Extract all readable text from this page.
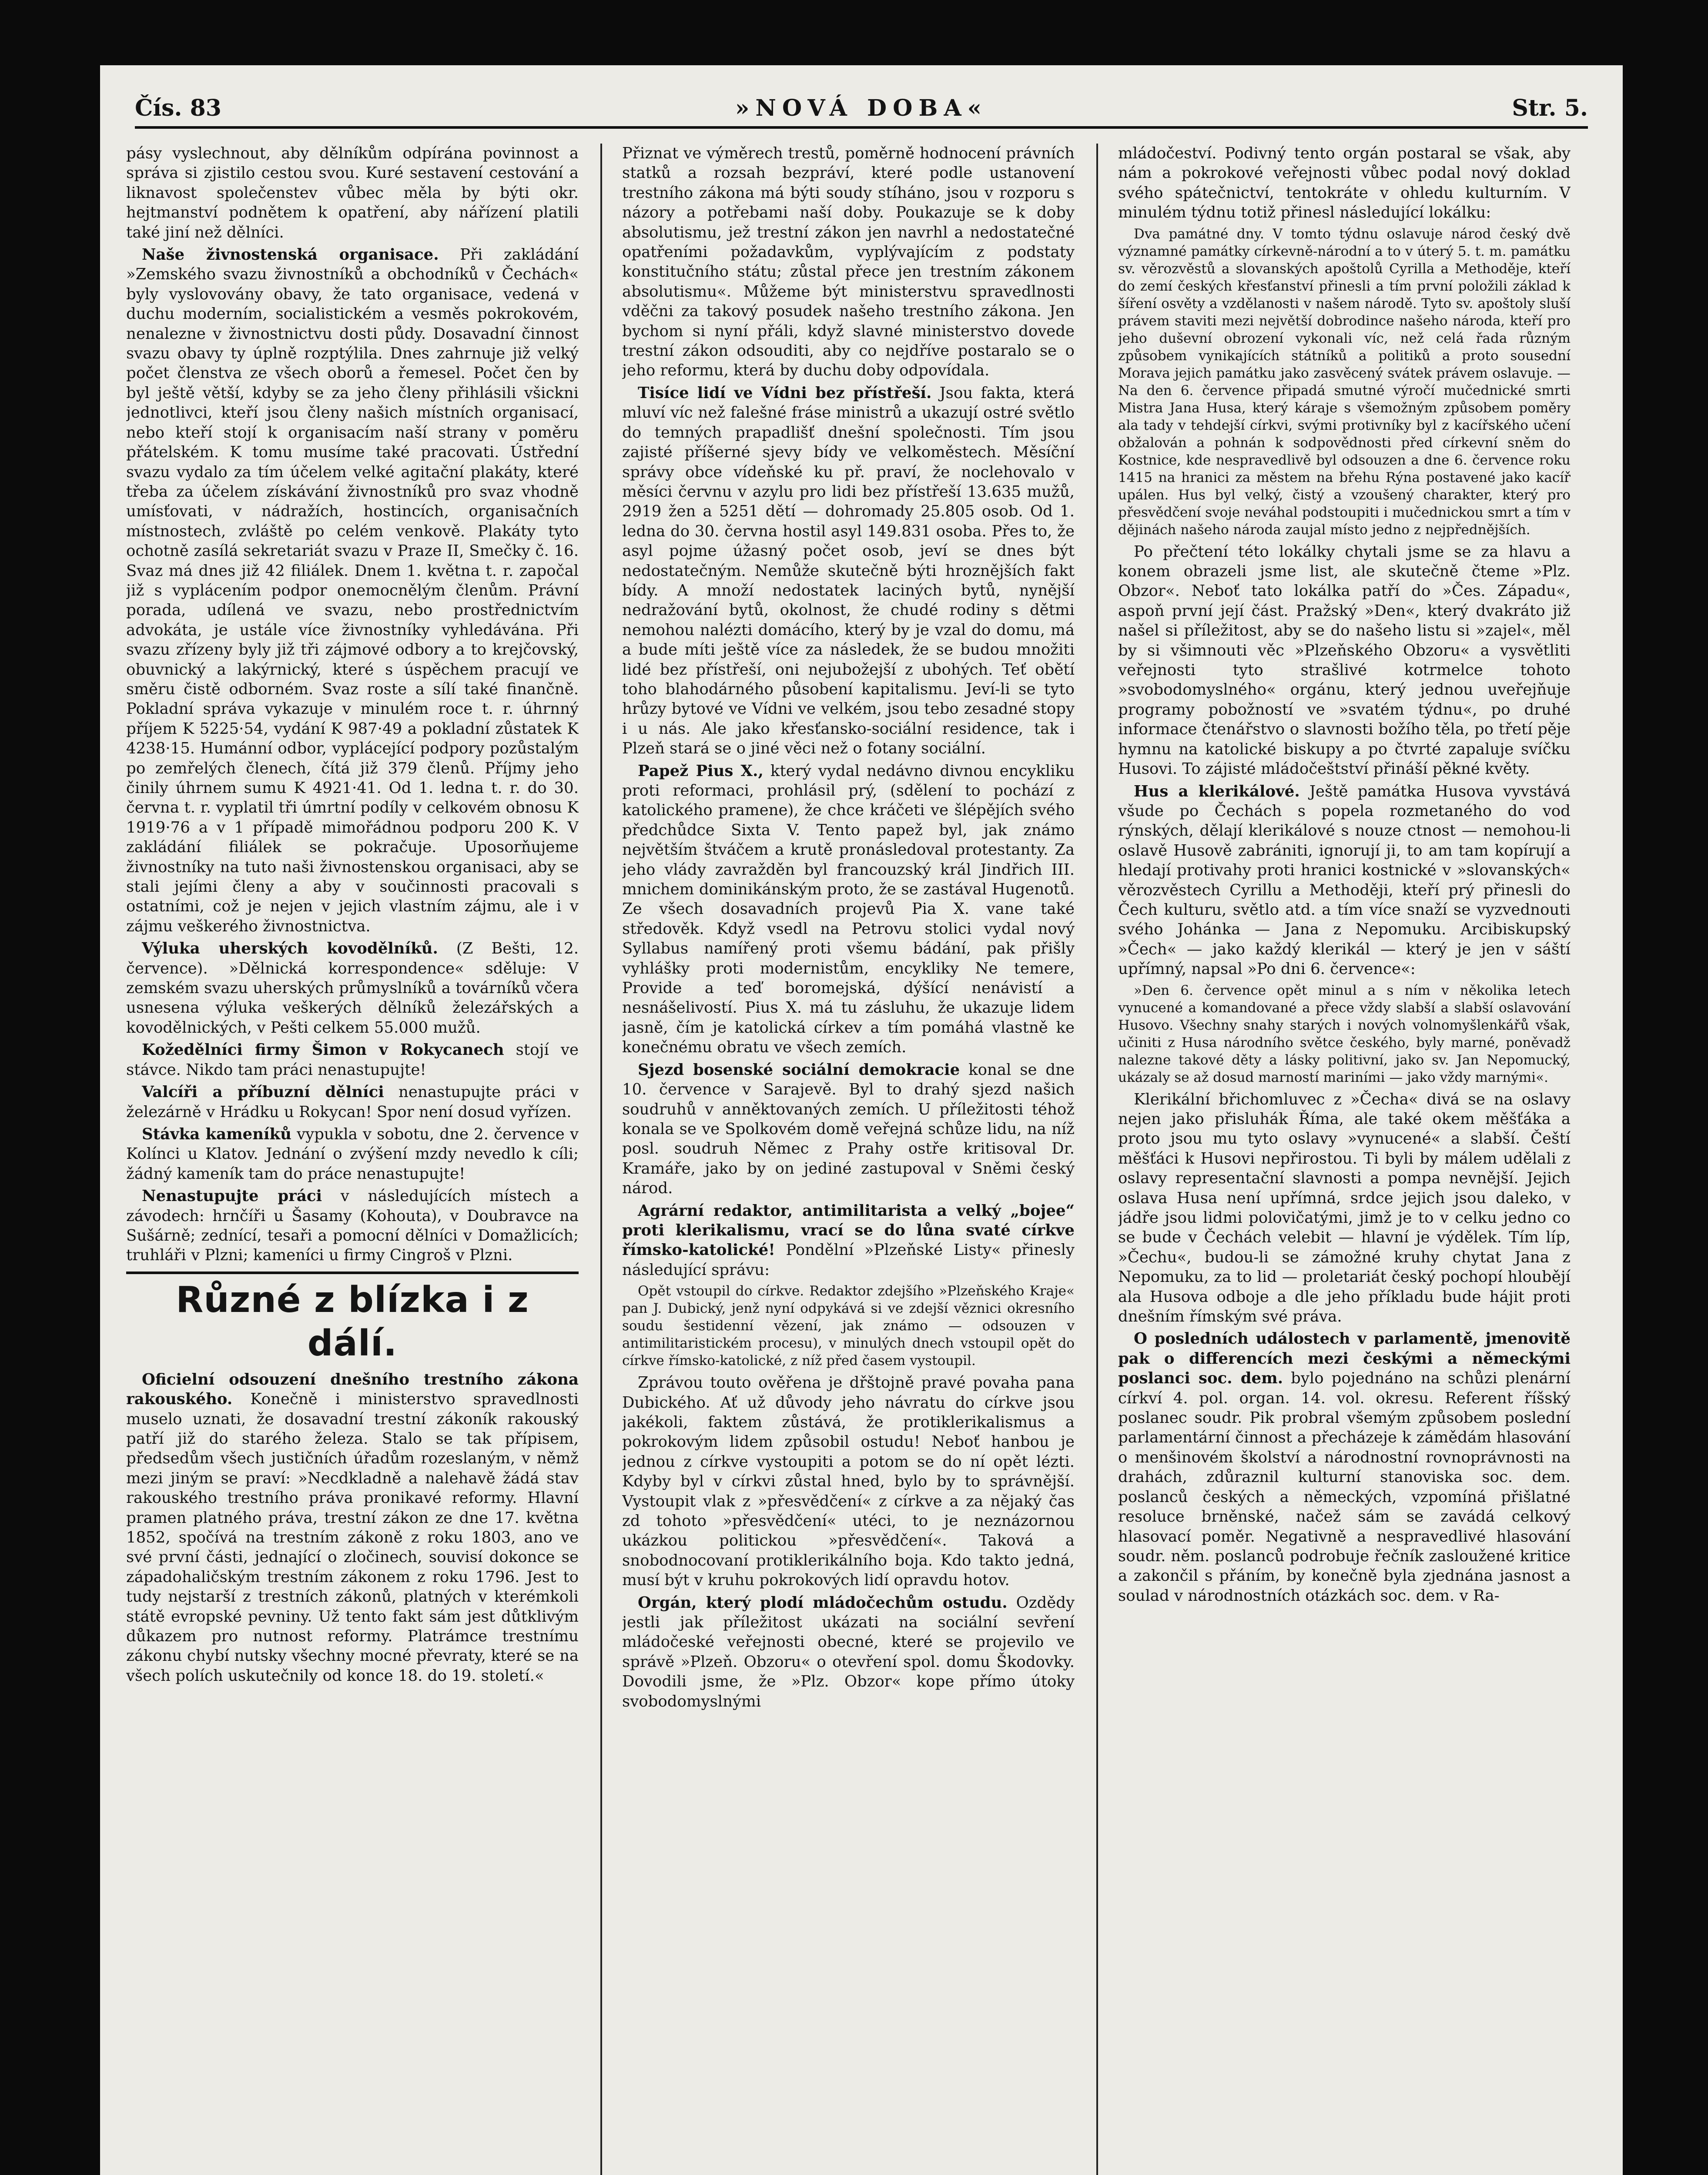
Čís. 83	»NOVÁ DOBA«	Str. 5.

pásy vyslechnout, aby dělníkům odpírána povinnost a správa si zjistilo cestou svou. Kuré sestavení cestování a liknavost společenstev vůbec měla by býti okr. hejtmanství podnětem k opatření, aby nářízení platili také jiní než dělníci.

Naše živnostenská organisace. Při zakládání »Zemského svazu živnostníků a obchodníků v Čechách« byly vyslovovány obavy, že tato organisace, vedená v duchu moderním, socialistickém a vesměs pokrokovém, nenalezne v živnostnictvu dosti půdy. Dosavadní činnost svazu obavy ty úplně rozptýlila. Dnes zahrnuje již velký počet členstva ze všech oborů a řemesel. Počet čen by byl ještě větší, kdyby se za jeho členy přihlásili všickni jednotlivci, kteří jsou členy našich místních organisací, nebo kteří stojí k organisacím naší strany v poměru přátelském. K tomu musíme také pracovati. Ústřední svazu vydalo za tím účelem velké agitační plakáty, které třeba za účelem získávání živnostníků pro svaz vhodně umísťovati, v nádražích, hostincích, organisačních místnostech, zvláště po celém venkově. Plakáty tyto ochotně zasílá sekretariát svazu v Praze II, Smečky č. 16. Svaz má dnes již 42 filiálek. Dnem 1. května t. r. započal již s vyplácením podpor onemocnělým členům. Právní porada, udílená ve svazu, nebo prostřednictvím advokáta, je ustále více živnostníky vyhledávána. Při svazu zřízeny byly již tři zájmové odbory a to krejčovský, obuvnický a lakýrnický, které s úspěchem pracují ve směru čistě odborném. Svaz roste a sílí také finančně. Pokladní správa vykazuje v minulém roce t. r. úhrnný příjem K 5225·54, vydání K 987·49 a pokladní zůstatek K 4238·15. Humánní odbor, vyplácející podpory pozůstalým po zemřelých členech, čítá již 379 členů. Příjmy jeho činily úhrnem sumu K 4921·41. Od 1. ledna t. r. do 30. června t. r. vyplatil tři úmrtní podíly v celkovém obnosu K 1919·76 a v 1 případě mimořádnou podporu 200 K. V zakládání filiálek se pokračuje. Uposorňujeme živnostníky na tuto naši živnostenskou organisaci, aby se stali jejími členy a aby v součinnosti pracovali s ostatními, což je nejen v jejich vlastním zájmu, ale i v zájmu veškerého živnostnictva.

Výluka uherských kovodělníků. (Z Bešti, 12. července). »Dělnická korrespondence« sděluje: V zemském svazu uherských průmyslníků a továrníků včera usnesena výluka veškerých dělníků železářských a kovodělnických, v Pešti celkem 55.000 mužů.

Kožedělníci firmy Šimon v Rokycanech stojí ve stávce. Nikdo tam práci nenastupujte!

Valcíři a příbuzní dělníci nenastupujte práci v železárně v Hrádku u Rokycan! Spor není dosud vyřízen.

Stávka kameníků vypukla v sobotu, dne 2. července v Kolínci u Klatov. Jednání o zvýšení mzdy nevedlo k cíli; žádný kameník tam do práce nenastupujte!

Nenastupujte práci v následujících místech a závodech: hrnčíři u Šasamy (Kohouta), v Doubravce na Sušárně; zednící, tesaři a pomocní dělníci v Domažlicích; truhláři v Plzni; kameníci u firmy Cingroš v Plzni.

Různé z blízka i z dálí.

Oficielní odsouzení dnešního trestního zákona rakouského. Konečně i ministerstvo spravedlnosti muselo uznati, že dosavadní trestní zákoník rakouský patří již do starého železa. Stalo se tak přípisem, předsedům všech justičních úřadům rozeslaným, v němž mezi jiným se praví: »Necdkladně a nalehavě žádá stav rakouského trestního práva pronikavé reformy. Hlavní pramen platného práva, trestní zákon ze dne 17. května 1852, spočívá na trestním zákoně z roku 1803, ano ve své první části, jednající o zločinech, souvisí dokonce se západohaličským trestním zákonem z roku 1796. Jest to tudy nejstarší z trestních zákonů, platných v kterémkoli státě evropské pevniny. Už tento fakt sám jest důtklivým důkazem pro nutnost reformy. Platrámce trestnímu zákonu chybí nutsky všechny mocné převraty, které se na všech polích uskutečnily od konce 18. do 19. století.«

Přiznat ve výměrech trestů, poměrně hodnocení právních statků a rozsah bezpráví, které podle ustanovení trestního zákona má býti soudy stíháno, jsou v rozporu s názory a potřebami naší doby. Poukazuje se k doby absolutismu, jež trestní zákon jen navrhl a nedostatečné opatřeními požadavkům, vyplývajícím z podstaty konstitučního státu; zůstal přece jen trestním zákonem absolutismu«. Můžeme být ministerstvu spravedlnosti vděčni za takový posudek našeho trestního zákona. Jen bychom si nyní přáli, když slavné ministerstvo dovede trestní zákon odsouditi, aby co nejdříve postaralo se o jeho reformu, která by duchu doby odpovídala.

Tisíce lidí ve Vídni bez přístřeší. Jsou fakta, která mluví víc než falešné fráse ministrů a ukazují ostré světlo do temných prapadlišť dnešní společnosti. Tím jsou zajisté příšerné sjevy bídy ve velkoměstech. Měsíční správy obce vídeňské ku př. praví, že noclehovalo v měsíci červnu v azylu pro lidi bez přístřeší 13.635 mužů, 2919 žen a 5251 dětí — dohromady 25.805 osob. Od 1. ledna do 30. června hostil asyl 149.831 osoba. Přes to, že asyl pojme úžasný počet osob, jeví se dnes být nedostatečným. Nemůže skutečně býti hroznějších fakt bídy. A množí nedostatek laciných bytů, nynější nedražování bytů, okolnost, že chudé rodiny s dětmi nemohou nalézti domácího, který by je vzal do domu, má a bude míti ještě více za následek, že se budou množiti lidé bez přístřeší, oni nejubožejší z ubohých. Teť obětí toho blahodárného působení kapitalismu. Jeví-li se tyto hrůzy bytové ve Vídni ve velkém, jsou tebo zesadné stopy i u nás. Ale jako křesťansko-sociální residence, tak i Plzeň stará se o jiné věci než o fotany sociální.

Papež Pius X., který vydal nedávno divnou encykliku proti reformaci, prohlásil prý, (sdělení to pochází z katolického pramene), že chce kráčeti ve šlépějích svého předchůdce Sixta V. Tento papež byl, jak známo největším štváčem a krutě pronásledoval protestanty. Za jeho vlády zavražděn byl francouzský král Jindřich III. mnichem dominikánským proto, že se zastával Hugenotů. Ze všech dosavadních projevů Pia X. vane také středověk. Když vsedl na Petrovu stolici vydal nový Syllabus namířený proti všemu bádání, pak přišly vyhlášky proti modernistům, encykliky Ne temere, Provide a teď boromejská, dýšící nenávistí a nesnášelivostí. Pius X. má tu zásluhu, že ukazuje lidem jasně, čím je katolická církev a tím pomáhá vlastně ke konečnému obratu ve všech zemích.

Sjezd bosenské sociální demokracie konal se dne 10. července v Sarajevě. Byl to drahý sjezd našich soudruhů v anněktovaných zemích. U příležitosti téhož konala se ve Spolkovém domě veřejná schůze lidu, na níž posl. soudruh Němec z Prahy ostře kritisoval Dr. Kramáře, jako by on jediné zastupoval v Sněmi český národ.

Agrární redaktor, antimilitarista a velký „bojee“ proti klerikalismu, vrací se do lůna svaté církve římsko-katolické! Pondělní »Plzeňské Listy« přinesly následující správu:

Opět vstoupil do církve. Redaktor zdejšího »Plzeňského Kraje« pan J. Dubický, jenž nyní odpykává si ve zdejší věznici okresního soudu šestidenní vězení, jak známo — odsouzen v antimilitaristickém procesu), v minulých dnech vstoupil opět do církve římsko-katolické, z níž před časem vystoupil.

Zprávou touto ověřena je dřštojně pravé povaha pana Dubického. Ať už důvody jeho návratu do církve jsou jakékoli, faktem zůstává, že protiklerikalismus a pokrokovým lidem způsobil ostudu! Neboť hanbou je jednou z církve vystoupiti a potom se do ní opět lézti. Kdyby byl v církvi zůstal hned, bylo by to správnější. Vystoupit vlak z »přesvědčení« z církve a za nějaký čas zd tohoto »přesvědčení« utéci, to je neznázornou ukázkou politickou »přesvědčení«. Taková a snobodnocovaní protiklerikálního boja. Kdo takto jedná, musí být v kruhu pokrokových lidí opravdu hotov.

Orgán, který plodí mládočechům ostudu. Ozdědy jestli jak příležitost ukázati na sociální sevření mládočeské veřejnosti obecné, které se projevilo ve správě »Plzeň. Obzoru« o otevření spol. domu Škodovky. Dovodili jsme, že »Plz. Obzor« kope přímo útoky svobodomyslnými

mládočeství. Podivný tento orgán postaral se však, aby nám a pokrokové veřejnosti vůbec podal nový doklad svého spátečnictví, tentokráte v ohledu kulturním. V minulém týdnu totiž přinesl následující lokálku:

Dva památné dny. V tomto týdnu oslavuje národ český dvě významné památky církevně-národní a to v úterý 5. t. m. památku sv. věrozvěstů a slovanských apoštolů Cyrilla a Methoděje, kteří do zemí českých křesťanství přinesli a tím první položili základ k šíření osvěty a vzdělanosti v našem národě. Tyto sv. apoštoly sluší právem staviti mezi největší dobrodince našeho národa, kteří pro jeho duševní obrození vykonali víc, než celá řada různým způsobem vynikajících státníků a politiků a proto sousední Morava jejich památku jako zasvěcený svátek právem oslavuje. — Na den 6. července připadá smutné výročí mučednické smrti Mistra Jana Husa, který káraje s všemožným způsobem poměry ala tady v tehdejší církvi, svými protivníky byl z kacířského učení obžalován a pohnán k sodpovědnosti před církevní sněm do Kostnice, kde nespravedlivě byl odsouzen a dne 6. července roku 1415 na hranici za městem na břehu Rýna postavené jako kacíř upálen. Hus byl velký, čistý a vzoušený charakter, který pro přesvědčení svoje neváhal podstoupiti i mučednickou smrt a tím v dějinách našeho národa zaujal místo jedno z nejpřednějších.

Po přečtení této lokálky chytali jsme se za hlavu a konem obrazeli jsme list, ale skutečně čteme »Plz. Obzor«. Neboť tato lokálka patří do »Čes. Západu«, aspoň první její část. Pražský »Den«, který dvakráto již našel si příležitost, aby se do našeho listu si »zajel«, měl by si všimnouti věc »Plzeňského Obzoru« a vysvětliti veřejnosti tyto strašlivé kotrmelce tohoto »svobodomyslného« orgánu, který jednou uveřejňuje programy pobožností ve »svatém týdnu«, po druhé informace čtenářstvo o slavnosti božího těla, po třetí pěje hymnu na katolické biskupy a po čtvrté zapaluje svíčku Husovi. To zájisté mládočeštství přináší pěkné květy.

Hus a klerikálové. Ještě památka Husova vyvstává všude po Čechách s popela rozmetaného do vod rýnských, dělají klerikálové s nouze ctnost — nemohou-li oslavě Husově zabrániti, ignorují ji, to am tam kopírují a hledají protivahy proti hranici kostnické v »slovanských« věrozvěstech Cyrillu a Methoději, kteří prý přinesli do Čech kulturu, světlo atd. a tím více snaží se vyzvednouti svého Johánka — Jana z Nepomuku. Arcibiskupský »Čech« — jako každý klerikál — který je jen v sáští upřímný, napsal »Po dni 6. července«:

»Den 6. července opět minul a s ním v několika letech vynucené a komandované a přece vždy slabší a slabší oslavování Husovo. Všechny snahy starých i nových volnomyšlenkářů však, učiniti z Husa národního světce českého, byly marné, poněvadž nalezne takové děty a lásky politivní, jako sv. Jan Nepomucký, ukázaly se až dosud marností mariními — jako vždy marnými«.

Klerikální břichomluvec z »Čecha« divá se na oslavy nejen jako přisluhák Říma, ale také okem měšťáka a proto jsou mu tyto oslavy »vynucené« a slabší. Čeští měšťáci k Husovi nepřirostou. Ti byli by málem udělali z oslavy representační slavnosti a pompa nevnější. Jejich oslava Husa není upřímná, srdce jejich jsou daleko, v jádře jsou lidmi polovičatými, jimž je to v celku jedno co se bude v Čechách velebit — hlavní je výdělek. Tím líp, »Čechu«, budou-li se zámožné kruhy chytat Jana z Nepomuku, za to lid — proletariát český pochopí hloubějí ala Husova odboje a dle jeho příkladu bude hájit proti dnešním římským své práva.

O posledních událostech v parlamentě, jmenovitě pak o differencích mezi českými a německými poslanci soc. dem. bylo pojednáno na schůzi plenární církví 4. pol. organ. 14. vol. okresu. Referent říšský poslanec soudr. Pik probral všemým způsobem poslední parlamentární činnost a přecházeje k zámědám hlasování o menšinovém školství a národnostní rovnoprávnosti na drahách, zdůraznil kulturní stanoviska soc. dem. poslanců českých a německých, vzpomíná přišlatné resoluce brněnské, načež sám se zavádá celkový hlasovací poměr. Negativně a nespravedlivé hlasování soudr. něm. poslanců podrobuje řečník zasloužené kritice a zakončil s přáním, by konečně byla zjednána jasnost a soulad v národnostních otázkách soc. dem. v Ra-
